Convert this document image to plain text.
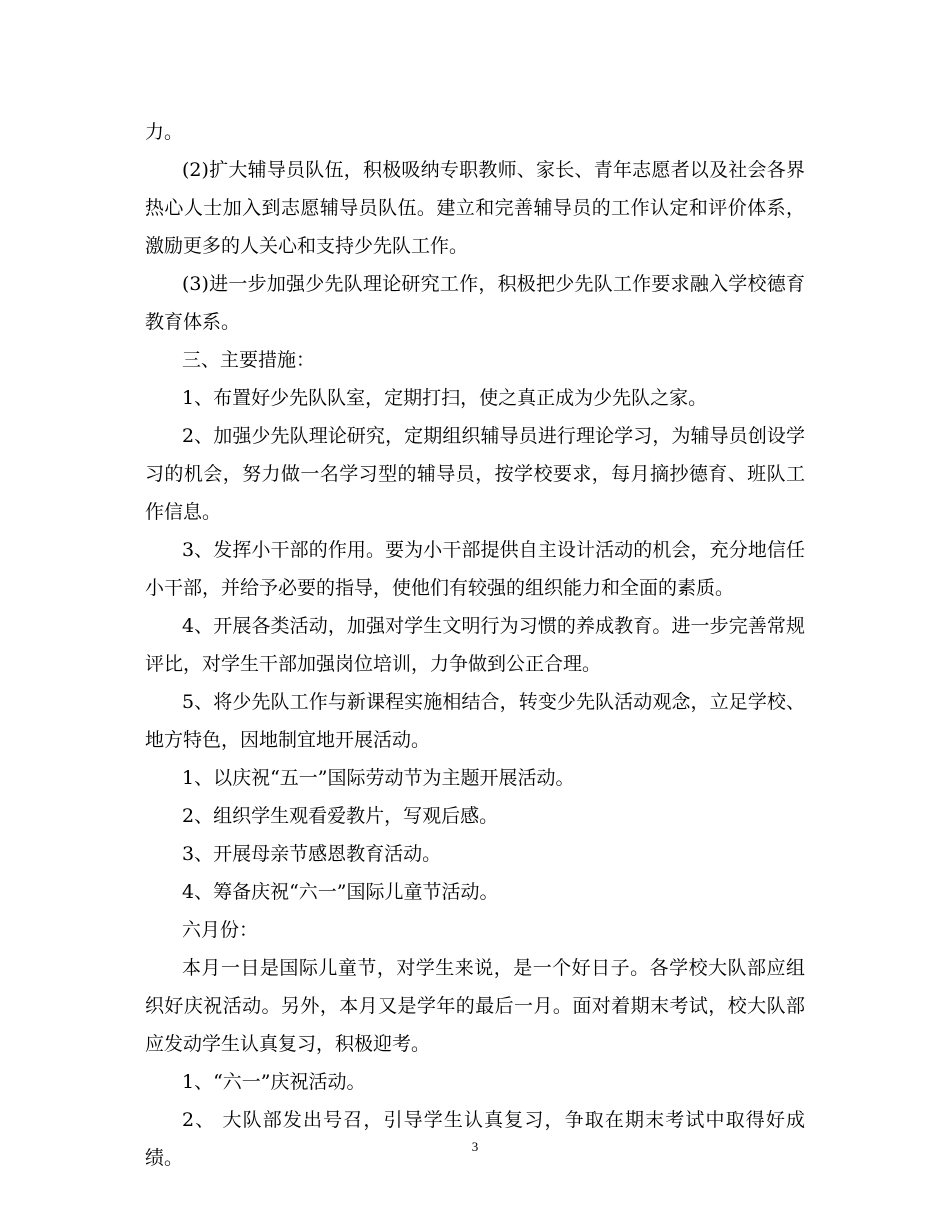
力。

(2)扩大辅导员队伍，积极吸纳专职教师、家长、青年志愿者以及社会各界热心人士加入到志愿辅导员队伍。建立和完善辅导员的工作认定和评价体系，激励更多的人关心和支持少先队工作。

(3)进一步加强少先队理论研究工作，积极把少先队工作要求融入学校德育教育体系。

三、主要措施：

1、布置好少先队队室，定期打扫，使之真正成为少先队之家。

2、加强少先队理论研究，定期组织辅导员进行理论学习，为辅导员创设学习的机会，努力做一名学习型的辅导员，按学校要求，每月摘抄德育、班队工作信息。

3、发挥小干部的作用。要为小干部提供自主设计活动的机会，充分地信任小干部，并给予必要的指导，使他们有较强的组织能力和全面的素质。

4、开展各类活动，加强对学生文明行为习惯的养成教育。进一步完善常规评比，对学生干部加强岗位培训，力争做到公正合理。

5、将少先队工作与新课程实施相结合，转变少先队活动观念，立足学校、地方特色，因地制宜地开展活动。

1、以庆祝“五一”国际劳动节为主题开展活动。

2、组织学生观看爱教片，写观后感。

3、开展母亲节感恩教育活动。

4、筹备庆祝“六一”国际儿童节活动。

六月份：

本月一日是国际儿童节，对学生来说，是一个好日子。各学校大队部应组织好庆祝活动。另外，本月又是学年的最后一月。面对着期末考试，校大队部应发动学生认真复习，积极迎考。

1、“六一”庆祝活动。

2、 大队部发出号召，引导学生认真复习，争取在期末考试中取得好成绩。

3
